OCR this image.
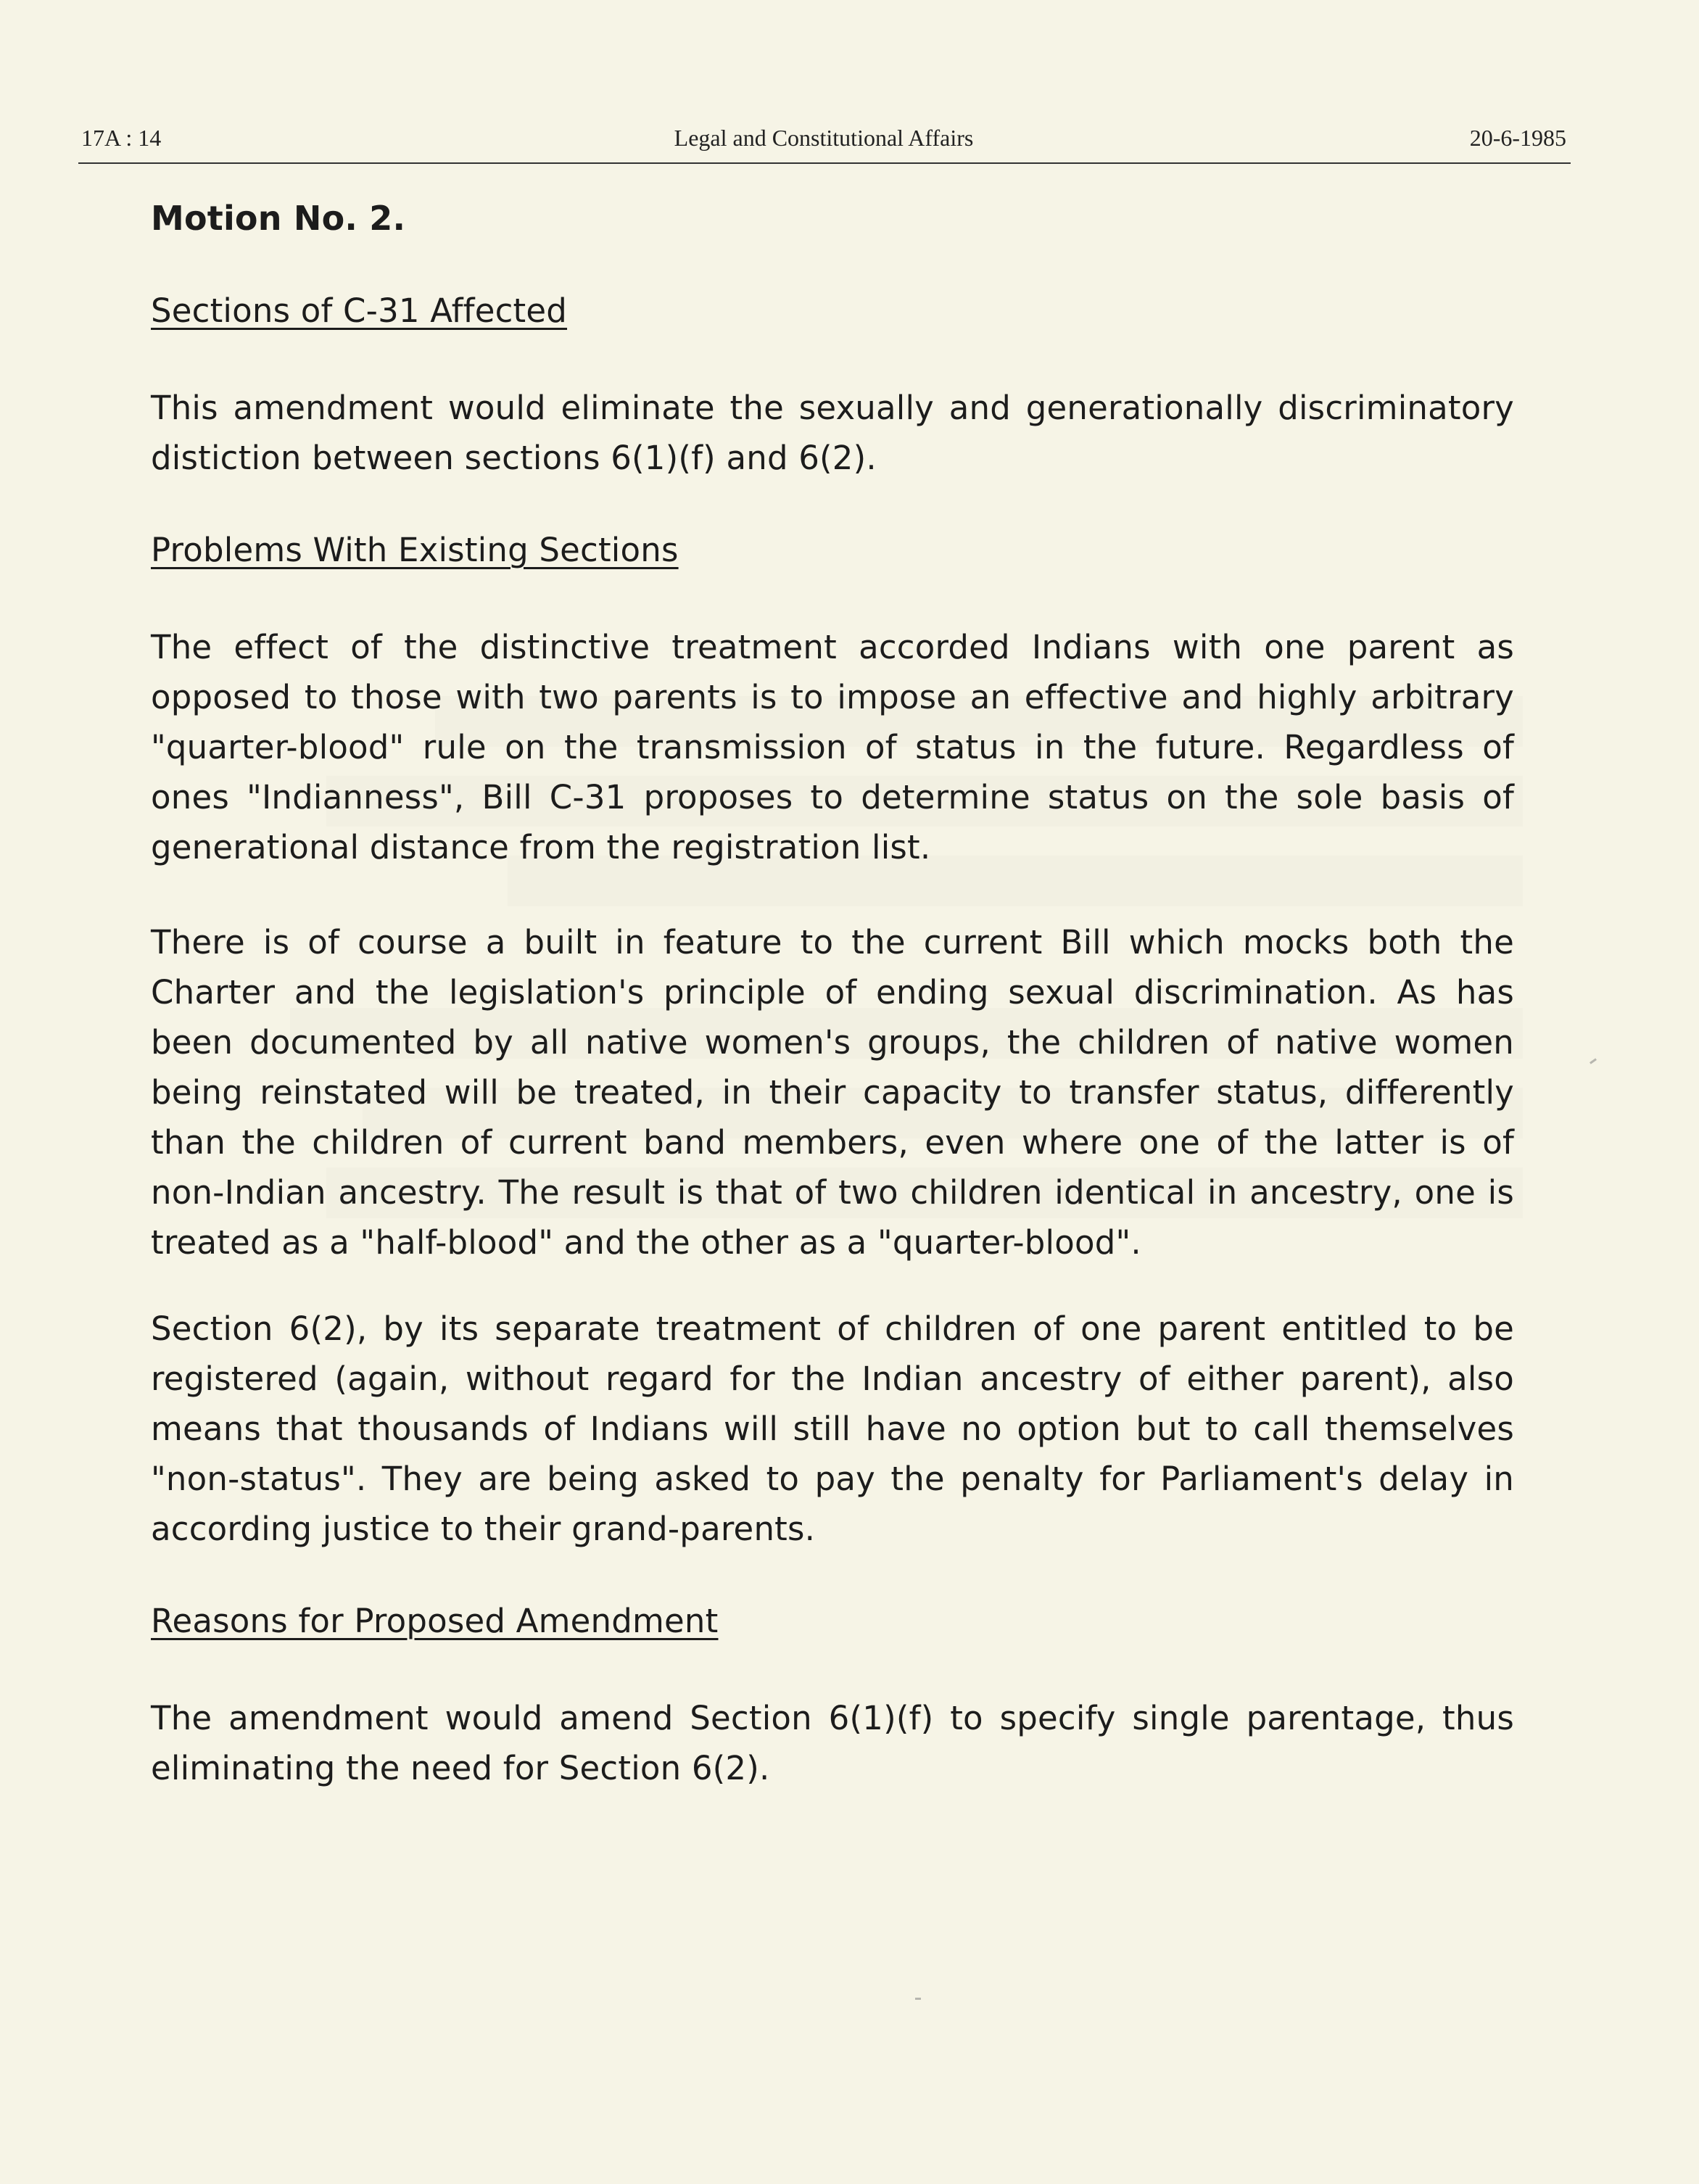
17A : 14	Legal and Constitutional Affairs	20-6-1985
Motion No. 2.
Sections of C-31 Affected

This amendment would eliminate the sexually and generationally discriminatory distiction between sections 6(1)(f) and 6(2).

Problems With Existing Sections

The effect of the distinctive treatment accorded Indians with one parent as opposed to those with two parents is to impose an effective and highly arbitrary "quarter-blood" rule on the transmission of status in the future. Regardless of ones "Indianness", Bill C-31 proposes to determine status on the sole basis of generational distance from the registration list.

There is of course a built in feature to the current Bill which mocks both the Charter and the legislation's principle of ending sexual discrimination. As has been documented by all native women's groups, the children of native women being reinstated will be treated, in their capacity to transfer status, differently than the children of current band members, even where one of the latter is of non-Indian ancestry. The result is that of two children identical in ancestry, one is treated as a "half-blood" and the other as a "quarter-blood".

Section 6(2), by its separate treatment of children of one parent entitled to be registered (again, without regard for the Indian ancestry of either parent), also means that thousands of Indians will still have no option but to call themselves "non-status". They are being asked to pay the penalty for Parliament's delay in according justice to their grand-parents.

Reasons for Proposed Amendment

The amendment would amend Section 6(1)(f) to specify single parentage, thus eliminating the need for Section 6(2).
